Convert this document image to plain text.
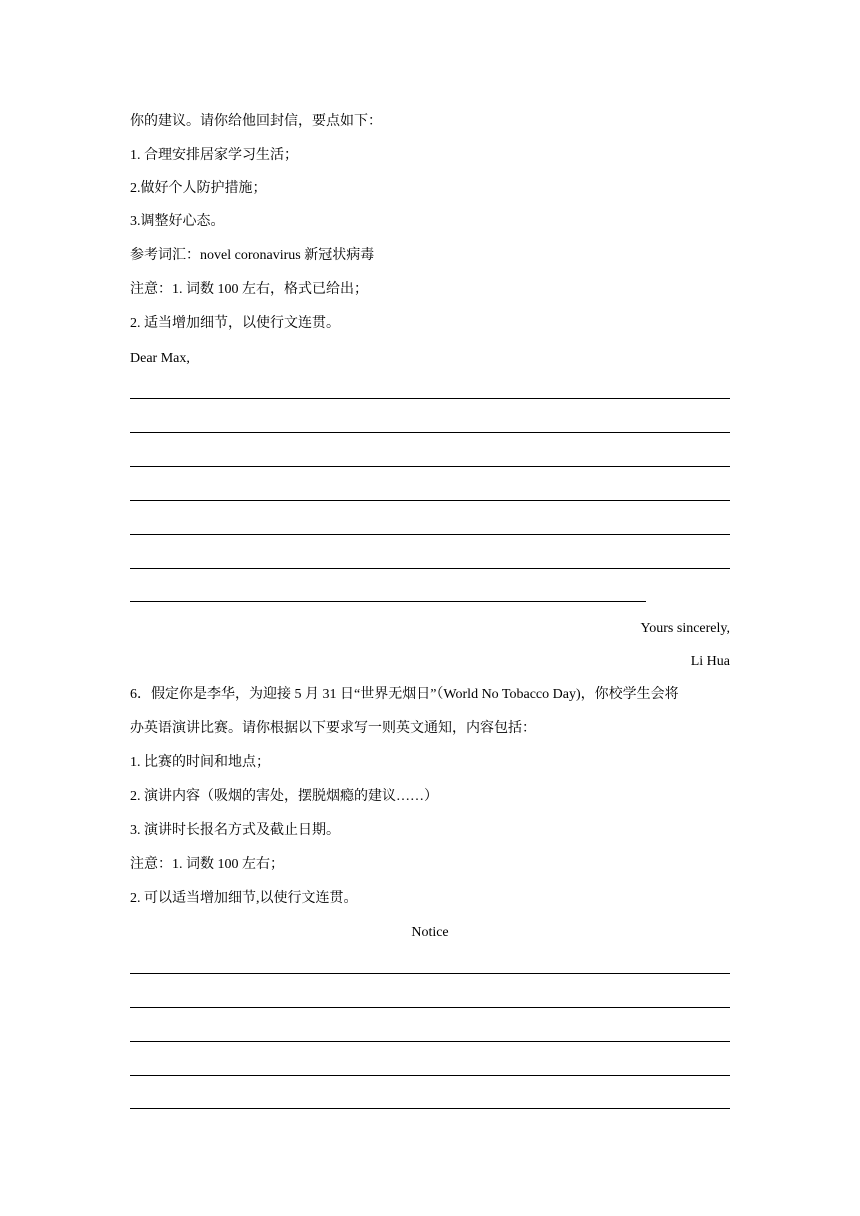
你的建议。请你给他回封信，要点如下：
1. 合理安排居家学习生活；
2.做好个人防护措施；
3.调整好心态。
参考词汇：novel coronavirus 新冠状病毒
注意：1. 词数 100 左右，格式已给出；
2. 适当增加细节，以使行文连贯。
Dear Max,
Yours sincerely,
Li Hua
6．假定你是李华，为迎接 5 月 31 日“世界无烟日”（World No Tobacco Day)，你校学生会将
办英语演讲比赛。请你根据以下要求写一则英文通知，内容包括：
1. 比赛的时间和地点；
2. 演讲内容（吸烟的害处，摆脱烟瘾的建议……）
3. 演讲时长报名方式及截止日期。
注意：1. 词数 100 左右；
2. 可以适当增加细节,以使行文连贯。
Notice
